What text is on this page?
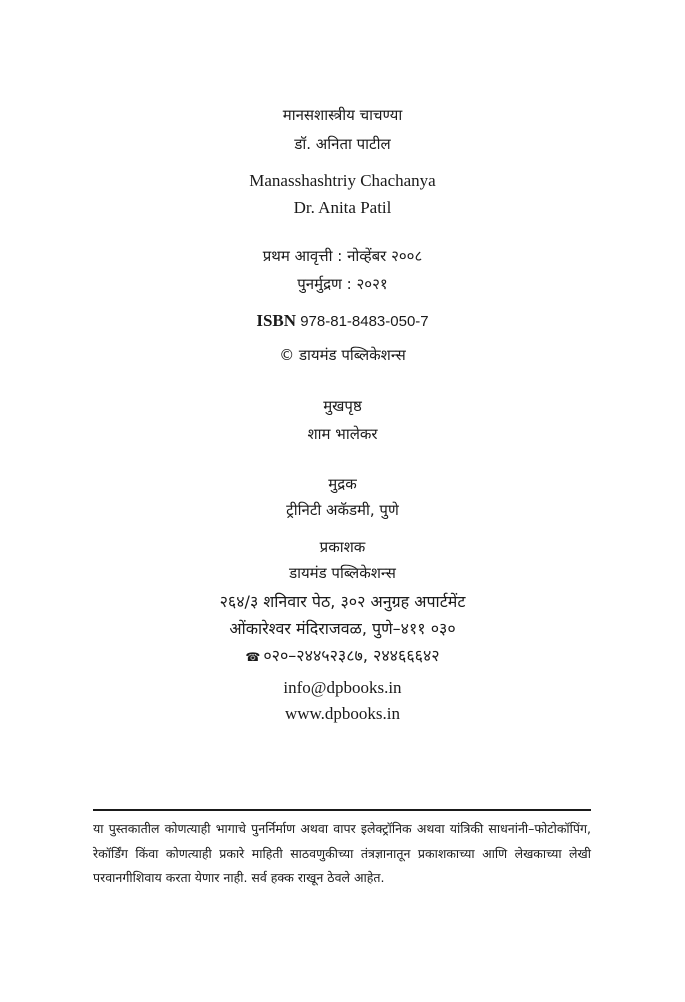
मानसशास्त्रीय चाचण्या
डॉ. अनिता पाटील
Manasshashtriy Chachanya
Dr. Anita Patil
प्रथम आवृत्ती : नोव्हेंबर २००८
पुनर्मुद्रण : २०२१
ISBN 978-81-8483-050-7
© डायमंड पब्लिकेशन्स
मुखपृष्ठ
शाम भालेकर
मुद्रक
ट्रीनिटी अकॅडमी, पुणे
प्रकाशक
डायमंड पब्लिकेशन्स
२६४/३ शनिवार पेठ, ३०२ अनुग्रह अपार्टमेंट
ओंकारेश्वर मंदिराजवळ, पुणे–४११ ०३०
☎ ०२०–२४४५२३८७, २४४६६६४२
info@dpbooks.in
www.dpbooks.in
या पुस्तकातील कोणत्याही भागाचे पुनर्निर्माण अथवा वापर इलेक्ट्रॉनिक अथवा यांत्रिकी साधनांनी–फोटोकॉपिंग, रेकॉर्डिंग किंवा कोणत्याही प्रकारे माहिती साठवणुकीच्या तंत्रज्ञानातून प्रकाशकाच्या आणि लेखकाच्या लेखी परवानगीशिवाय करता येणार नाही. सर्व हक्क राखून ठेवले आहेत.
